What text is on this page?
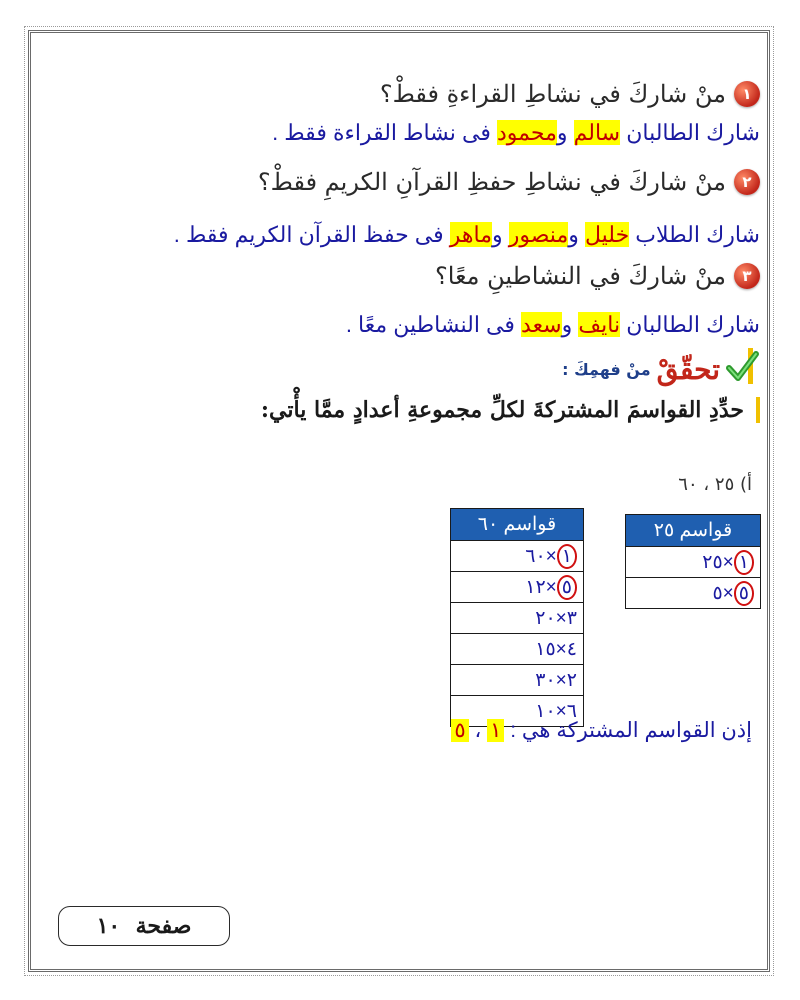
١
منْ شاركَ في نشاطِ القراءةِ فقطْ؟
شارك الطالبان سالم ومحمود فى نشاط القراءة فقط .
٢
منْ شاركَ في نشاطِ حفظِ القرآنِ الكريمِ فقطْ؟
شارك الطلاب خليل ومنصور وماهر فى حفظ القرآن الكريم فقط .
٣
منْ شاركَ في النشاطينِ معًا؟
شارك الطالبان نايف وسعد فى النشاطين معًا .
تحقّقْ
منْ فهمِكَ :
حدِّدِ القواسمَ المشتركةَ لكلِّ مجموعةِ أعدادٍ ممَّا يأْتي:
أ) ٢٥ ، ٦٠
قواسم ٢٥
١×٢٥
٥×٥
قواسم ٦٠
١×٦٠
٥×١٢
٣×٢٠
٤×١٥
٢×٣٠
٦×١٠
إذن القواسم المشتركة هي : ١ ، ٥
صفحة

١٠
